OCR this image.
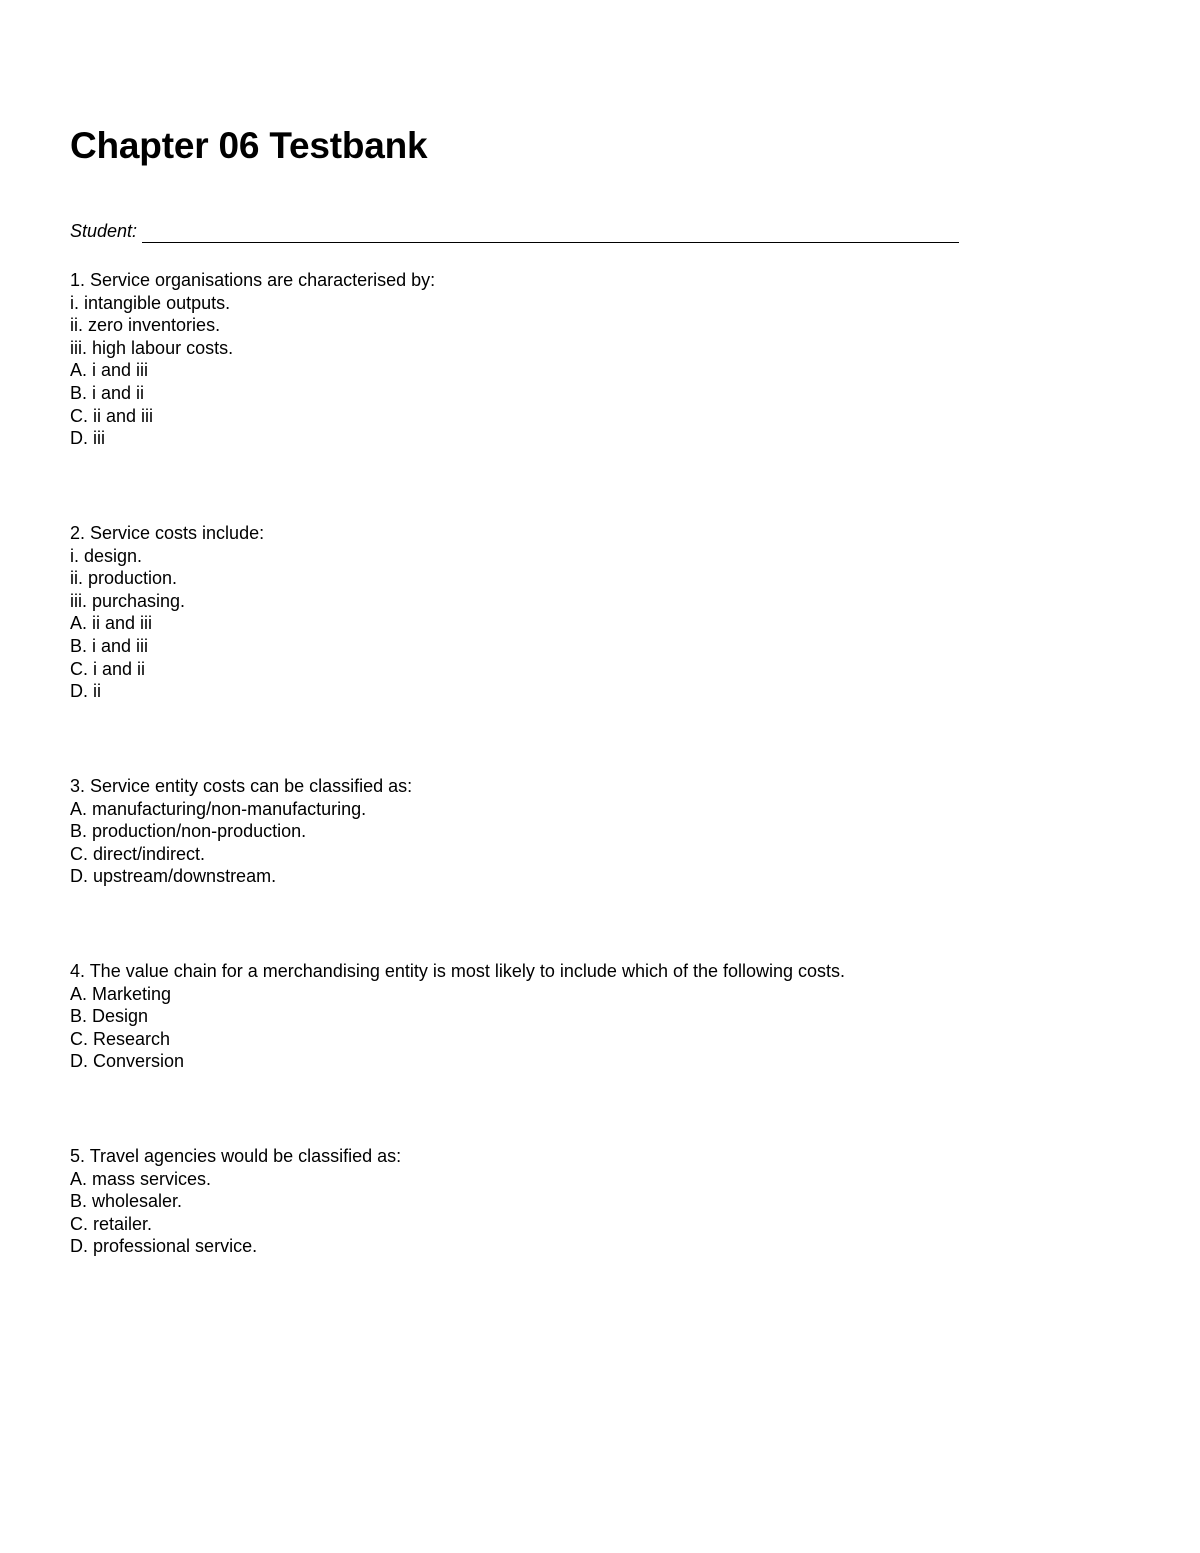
Chapter 06 Testbank
Student:
1. Service organisations are characterised by:
i. intangible outputs.
ii. zero inventories.
iii. high labour costs.
A. i and iii
B. i and ii
C. ii and iii
D. iii
2. Service costs include:
i. design.
ii. production.
iii. purchasing.
A. ii and iii
B. i and iii
C. i and ii
D. ii
3. Service entity costs can be classified as:
A. manufacturing/non-manufacturing.
B. production/non-production.
C. direct/indirect.
D. upstream/downstream.
4. The value chain for a merchandising entity is most likely to include which of the following costs.
A. Marketing
B. Design
C. Research
D. Conversion
5. Travel agencies would be classified as:
A. mass services.
B. wholesaler.
C. retailer.
D. professional service.
